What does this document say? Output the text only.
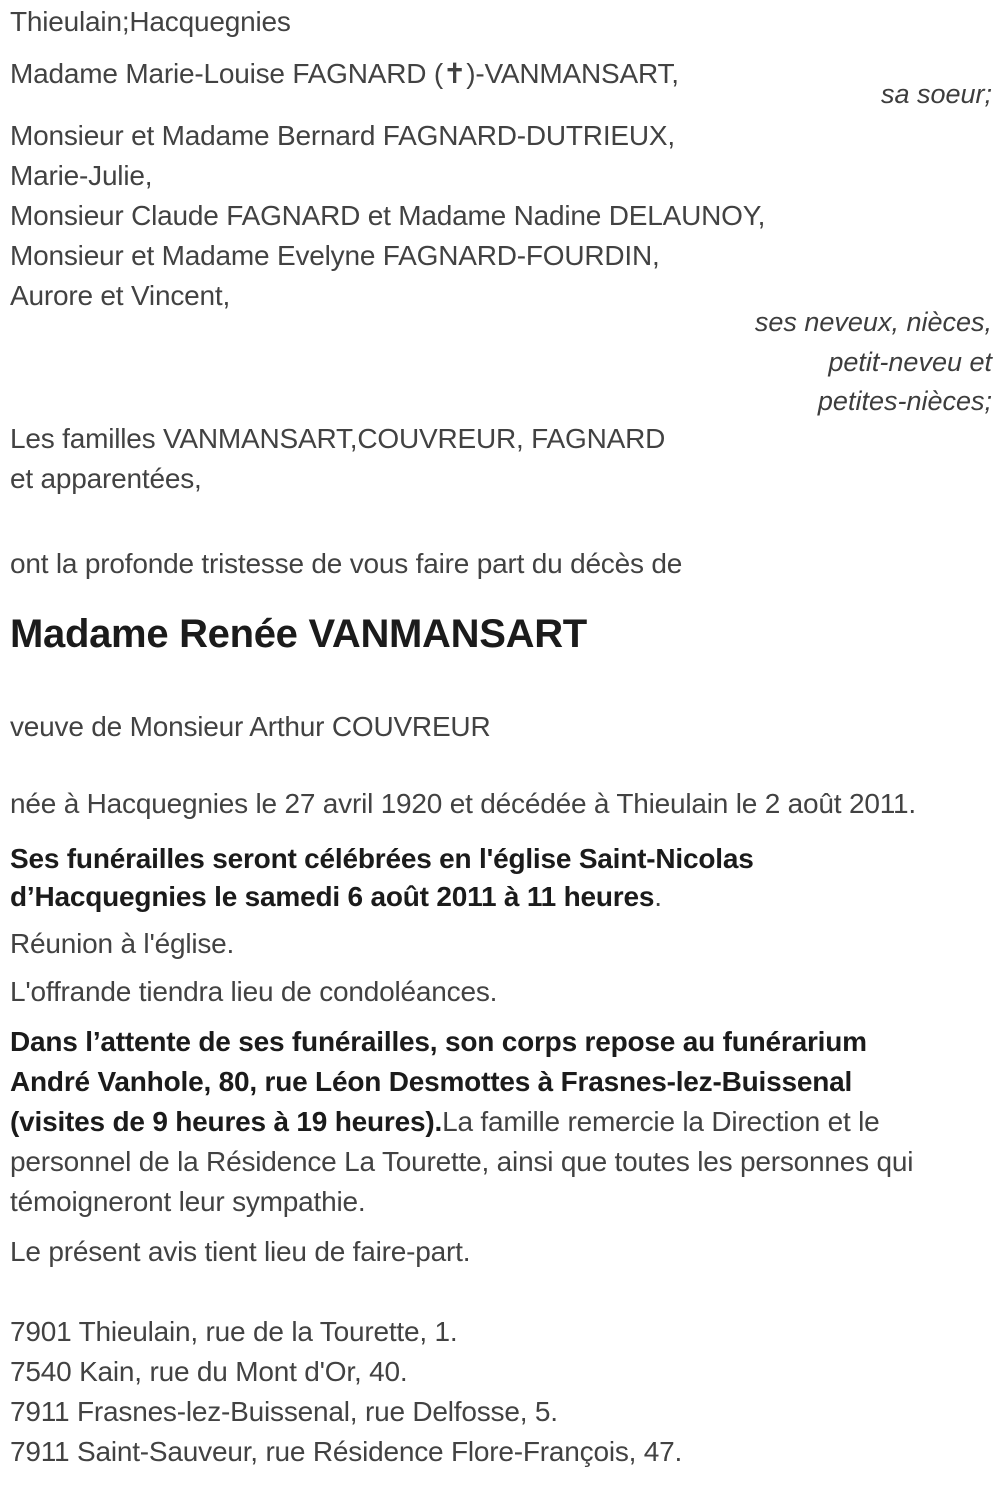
Thieulain;Hacquegnies
Madame Marie-Louise FAGNARD (✝)-VANMANSART,
sa soeur;
Monsieur et Madame Bernard FAGNARD-DUTRIEUX,
Marie-Julie,
Monsieur Claude FAGNARD et Madame Nadine DELAUNOY,
Monsieur et Madame Evelyne FAGNARD-FOURDIN,
Aurore et Vincent,
ses neveux, nièces,
petit-neveu et
petites-nièces;
Les familles VANMANSART,COUVREUR, FAGNARD
et apparentées,
ont la profonde tristesse de vous faire part du décès de
Madame Renée VANMANSART
veuve de Monsieur Arthur COUVREUR
née à Hacquegnies le 27 avril 1920 et décédée à Thieulain le 2 août 2011.
Ses funérailles seront célébrées en l'église Saint-Nicolas
d’Hacquegnies le samedi 6 août 2011 à 11 heures.
Réunion à l'église.
L'offrande tiendra lieu de condoléances.
Dans l’attente de ses funérailles, son corps repose au funérarium
André Vanhole, 80, rue Léon Desmottes à Frasnes-lez-Buissenal
(visites de 9 heures à 19 heures).La famille remercie la Direction et le
personnel de la Résidence La Tourette, ainsi que toutes les personnes qui
témoigneront leur sympathie.
Le présent avis tient lieu de faire-part.
7901 Thieulain, rue de la Tourette, 1.
7540 Kain, rue du Mont d'Or, 40.
7911 Frasnes-lez-Buissenal, rue Delfosse, 5.
7911 Saint-Sauveur, rue Résidence Flore-François, 47.
